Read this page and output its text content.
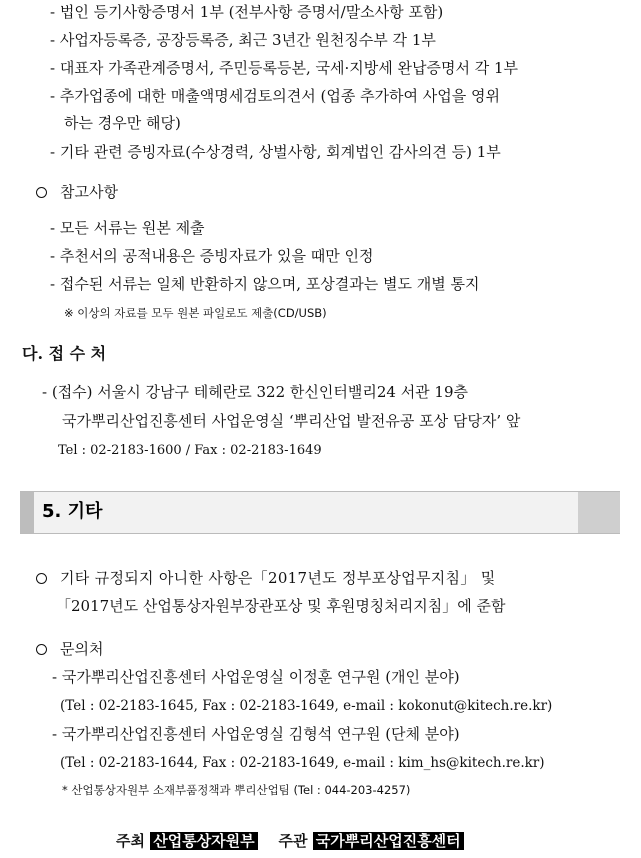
- 법인 등기사항증명서 1부 (전부사항 증명서/말소사항 포함)
- 사업자등록증, 공장등록증, 최근 3년간 원천징수부 각 1부
- 대표자 가족관계증명서, 주민등록등본, 국세·지방세 완납증명서 각 1부
- 추가업종에 대한 매출액명세검토의견서 (업종 추가하여 사업을 영위
하는 경우만 해당)
- 기타 관련 증빙자료(수상경력, 상벌사항, 회계법인 감사의견 등) 1부
참고사항
- 모든 서류는 원본 제출
- 추천서의 공적내용은 증빙자료가 있을 때만 인정
- 접수된 서류는 일체 반환하지 않으며, 포상결과는 별도 개별 통지
※ 이상의 자료를 모두 원본 파일로도 제출(CD/USB)
다. 접 수 처
- (접수) 서울시 강남구 테헤란로 322 한신인터밸리24 서관 19층
국가뿌리산업진흥센터 사업운영실 ‘뿌리산업 발전유공 포상 담당자’ 앞
Tel : 02-2183-1600 / Fax : 02-2183-1649
5. 기타
기타 규정되지 아니한 사항은「2017년도 정부포상업무지침」 및
「2017년도 산업통상자원부장관포상 및 후원명칭처리지침」에 준함
문의처
- 국가뿌리산업진흥센터 사업운영실 이정훈 연구원 (개인 분야)
(Tel : 02-2183-1645, Fax : 02-2183-1649, e-mail : kokonut@kitech.re.kr)
- 국가뿌리산업진흥센터 사업운영실 김형석 연구원 (단체 분야)
(Tel : 02-2183-1644, Fax : 02-2183-1649, e-mail : kim_hs@kitech.re.kr)
* 산업통상자원부 소재부품정책과 뿌리산업팀 (Tel : 044-203-4257)
주최 산업통상자원부 주관 국가뿌리산업진흥센터
